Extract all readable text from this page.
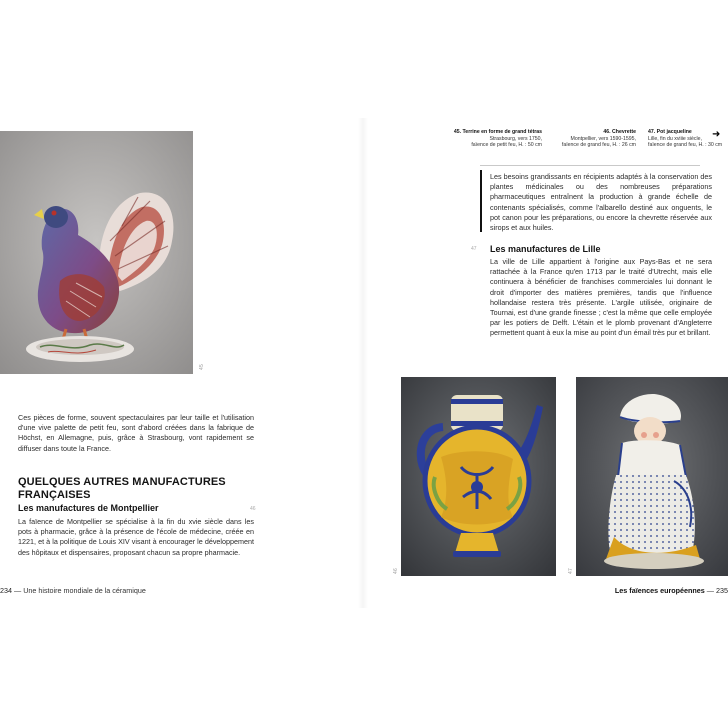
45
Ces pièces de forme, souvent spectaculaires par leur taille et l'utilisation d'une vive palette de petit feu, sont d'abord créées dans la fabrique de Höchst, en Allemagne, puis, grâce à Strasbourg, vont rapidement se diffuser dans toute la France.
QUELQUES AUTRES MANUFACTURES FRANÇAISES
Les manufactures de Montpellier	46
La faïence de Montpellier se spécialise à la fin du xvie siècle dans les pots à pharmacie, grâce à la présence de l'école de médecine, créée en 1221, et à la politique de Louis XIV visant à encourager le développement des hôpitaux et dispensaires, proposant chacun sa propre pharmacie.
234 — Une histoire mondiale de la céramique
45. Terrine en forme de grand tétras
Strasbourg, vers 1750,
faïence de petit feu, H. : 50 cm
46. Chevrette
Montpellier, vers 1590-1595,
faïence de grand feu, H. : 26 cm
47. Pot jacqueline
Lille, fin du xviiie siècle,
faïence de grand feu, H. : 30 cm
➜
Les besoins grandissants en récipients adaptés à la conservation des plantes médicinales ou des nombreuses préparations pharmaceutiques entraînent la production à grande échelle de contenants spécialisés, comme l'albarello destiné aux onguents, le pot canon pour les préparations, ou encore la chevrette réservée aux sirops et aux huiles.
47 Les manufactures de Lille
La ville de Lille appartient à l'origine aux Pays-Bas et ne sera rattachée à la France qu'en 1713 par le traité d'Utrecht, mais elle continuera à bénéficier de franchises commerciales lui donnant le droit d'importer des matières premières, tandis que l'influence hollandaise restera très présente. L'argile utilisée, originaire de Tournai, est d'une grande finesse ; c'est la même que celle employée par les potiers de Delft. L'étain et le plomb provenant d'Angleterre permettent quant à eux la mise au point d'un émail très pur et brillant.
46	47
Les faïences européennes — 235
